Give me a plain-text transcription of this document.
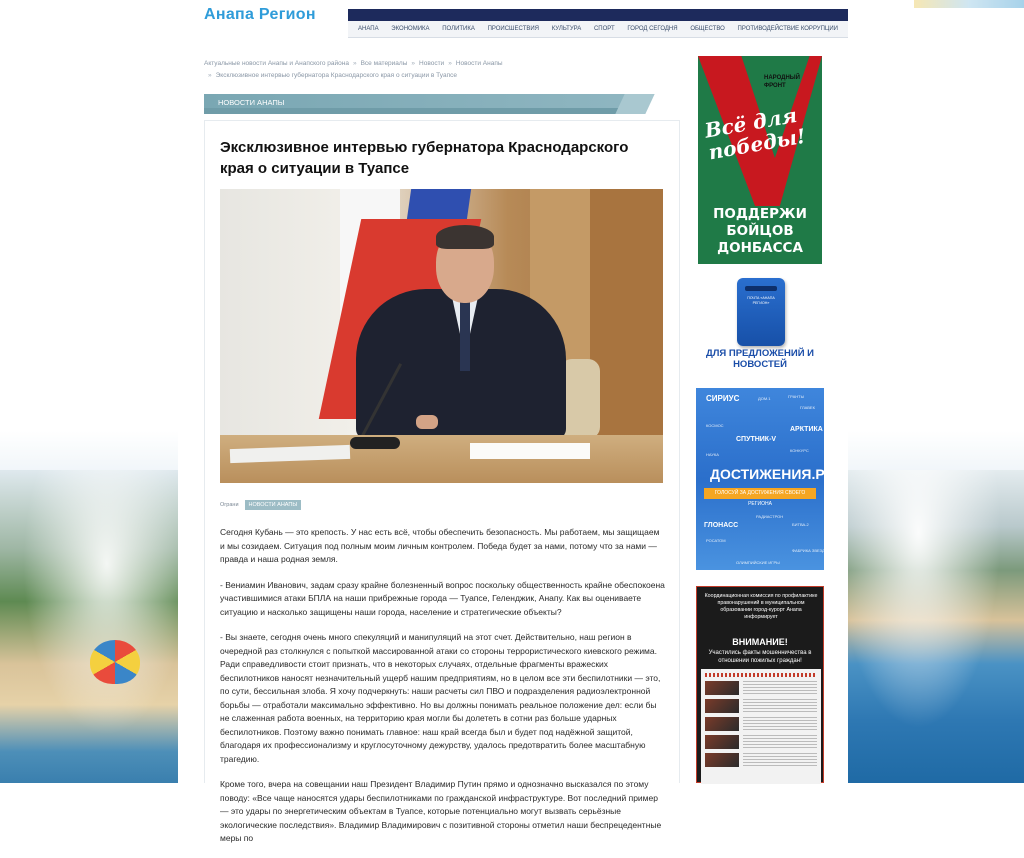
Анапа Регион
АНАПА ЭКОНОМИКА ПОЛИТИКА ПРОИСШЕСТВИЯ КУЛЬТУРА СПОРТ ГОРОД СЕГОДНЯ ОБЩЕСТВО ПРОТИВОДЕЙСТВИЕ КОРРУПЦИИ
Актуальные новости Анапы и Анапского района » Все материалы » Новости » Новости Анапы
» Эксклюзивное интервью губернатора Краснодарского края о ситуации в Туапсе
НОВОСТИ АНАПЫ
Эксклюзивное интервью губернатора Краснодарского края о ситуации в Туапсе
Ограни	НОВОСТИ АНАПЫ

Сегодня Кубань — это крепость. У нас есть всё, чтобы обеспечить безопасность. Мы работаем, мы защищаем и мы созидаем. Ситуация под полным моим личным контролем. Победа будет за нами, потому что за нами — правда и наша родная земля.

- Вениамин Иванович, задам сразу крайне болезненный вопрос поскольку общественность крайне обеспокоена участившимися атаки БПЛА на наши прибрежные города — Туапсе, Геленджик, Анапу. Как вы оцениваете ситуацию и насколько защищены наши города, население и стратегические объекты?

- Вы знаете, сегодня очень много спекуляций и манипуляций на этот счет. Действительно, наш регион в очередной раз столкнулся с попыткой массированной атаки со стороны террористического киевского режима. Ради справедливости стоит признать, что в некоторых случаях, отдельные фрагменты вражеских беспилотников наносят незначительный ущерб нашим предприятиям, но в целом все эти беспилотники — это, по сути, бессильная злоба. Я хочу подчеркнуть: наши расчеты сил ПВО и подразделения радиоэлектронной борьбы — отработали максимально эффективно. Но вы должны понимать реальное положение дел: если бы не слаженная работа военных, на территорию края могли бы долететь в сотни раз больше ударных беспилотников. Поэтому важно понимать главное: наш край всегда был и будет под надёжной защитой, благодаря их профессионализму и круглосуточному дежурству, удалось предотвратить более масштабную трагедию.

Кроме того, вчера на совещании наш Президент Владимир Путин прямо и однозначно высказался по этому поводу: «Все чаще наносятся удары беспилотниками по гражданской инфраструктуре. Вот последний пример — это удары по энергетическим объектам в Туапсе, которые потенциально могут вызвать серьёзные экологические последствия». Владимир Владимирович с позитивной стороны отметил наши беспрецедентные меры по

НАРОДНЫЙ ФРОНТ
Всё для победы!
ПОДДЕРЖИ БОЙЦОВ ДОНБАССА
ПОЧТА «АНАПА РЕГИОН»
ДЛЯ ПРЕДЛОЖЕНИЙ И НОВОСТЕЙ
СИРИУС	ДОМ.1	ГРАНТЫ
ГЛАВЕК
КОСМОС
АРКТИКА
СПУТНИК-V
КОНКУРС
НАУКА
ДОСТИЖЕНИЯ.РФ
ГОЛОСУЙ ЗА ДОСТИЖЕНИЯ СВОЕГО РЕГИОНА
ГЛОНАСС
РАДИАСТРОН
БИТВА-2
ОЛИМПИЙСКИЕ ИГРЫ
РОСАТОМ
ФАБРИКА ЗВЕЗД
Координационная комиссия по профилактике правонарушений в муниципальном образовании город-курорт Анапа информирует
ВНИМАНИЕ!
Участились факты мошенничества в отношении пожилых граждан!
